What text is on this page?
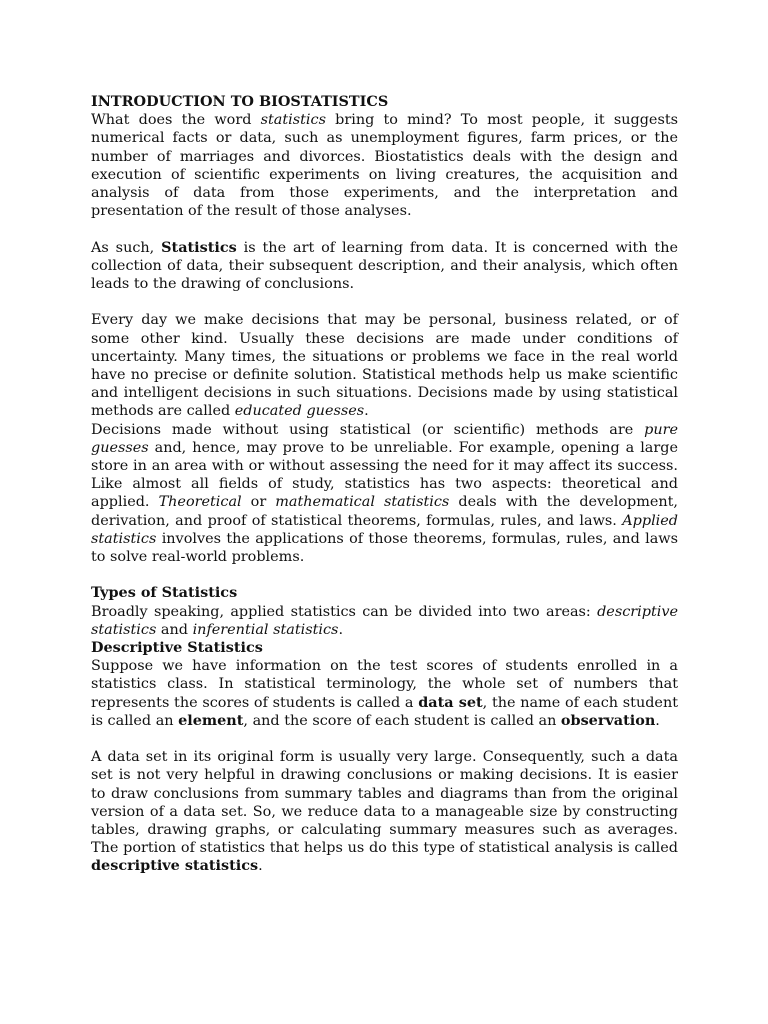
INTRODUCTION TO BIOSTATISTICS

What does the word statistics bring to mind? To most people, it suggests numerical facts or data, such as unemployment figures, farm prices, or the number of marriages and divorces. Biostatistics deals with the design and execution of scientific experiments on living creatures, the acquisition and analysis of data from those experiments, and the interpretation and presentation of the result of those analyses.

As such, Statistics is the art of learning from data. It is concerned with the collection of data, their subsequent description, and their analysis, which often leads to the drawing of conclusions.

Every day we make decisions that may be personal, business related, or of some other kind. Usually these decisions are made under conditions of uncertainty. Many times, the situations or problems we face in the real world have no precise or definite solution. Statistical methods help us make scientific and intelligent decisions in such situations. Decisions made by using statistical methods are called educated guesses.

Decisions made without using statistical (or scientific) methods are pure guesses and, hence, may prove to be unreliable. For example, opening a large store in an area with or without assessing the need for it may affect its success. Like almost all fields of study, statistics has two aspects: theoretical and applied. Theoretical or mathematical statistics deals with the development, derivation, and proof of statistical theorems, formulas, rules, and laws. Applied statistics involves the applications of those theorems, formulas, rules, and laws to solve real-world problems.

Types of Statistics

Broadly speaking, applied statistics can be divided into two areas: descriptive statistics and inferential statistics.

Descriptive Statistics

Suppose we have information on the test scores of students enrolled in a statistics class. In statistical terminology, the whole set of numbers that represents the scores of students is called a data set, the name of each student is called an element, and the score of each student is called an observation.

A data set in its original form is usually very large. Consequently, such a data set is not very helpful in drawing conclusions or making decisions. It is easier to draw conclusions from summary tables and diagrams than from the original version of a data set. So, we reduce data to a manageable size by constructing tables, drawing graphs, or calculating summary measures such as averages. The portion of statistics that helps us do this type of statistical analysis is called descriptive statistics.
